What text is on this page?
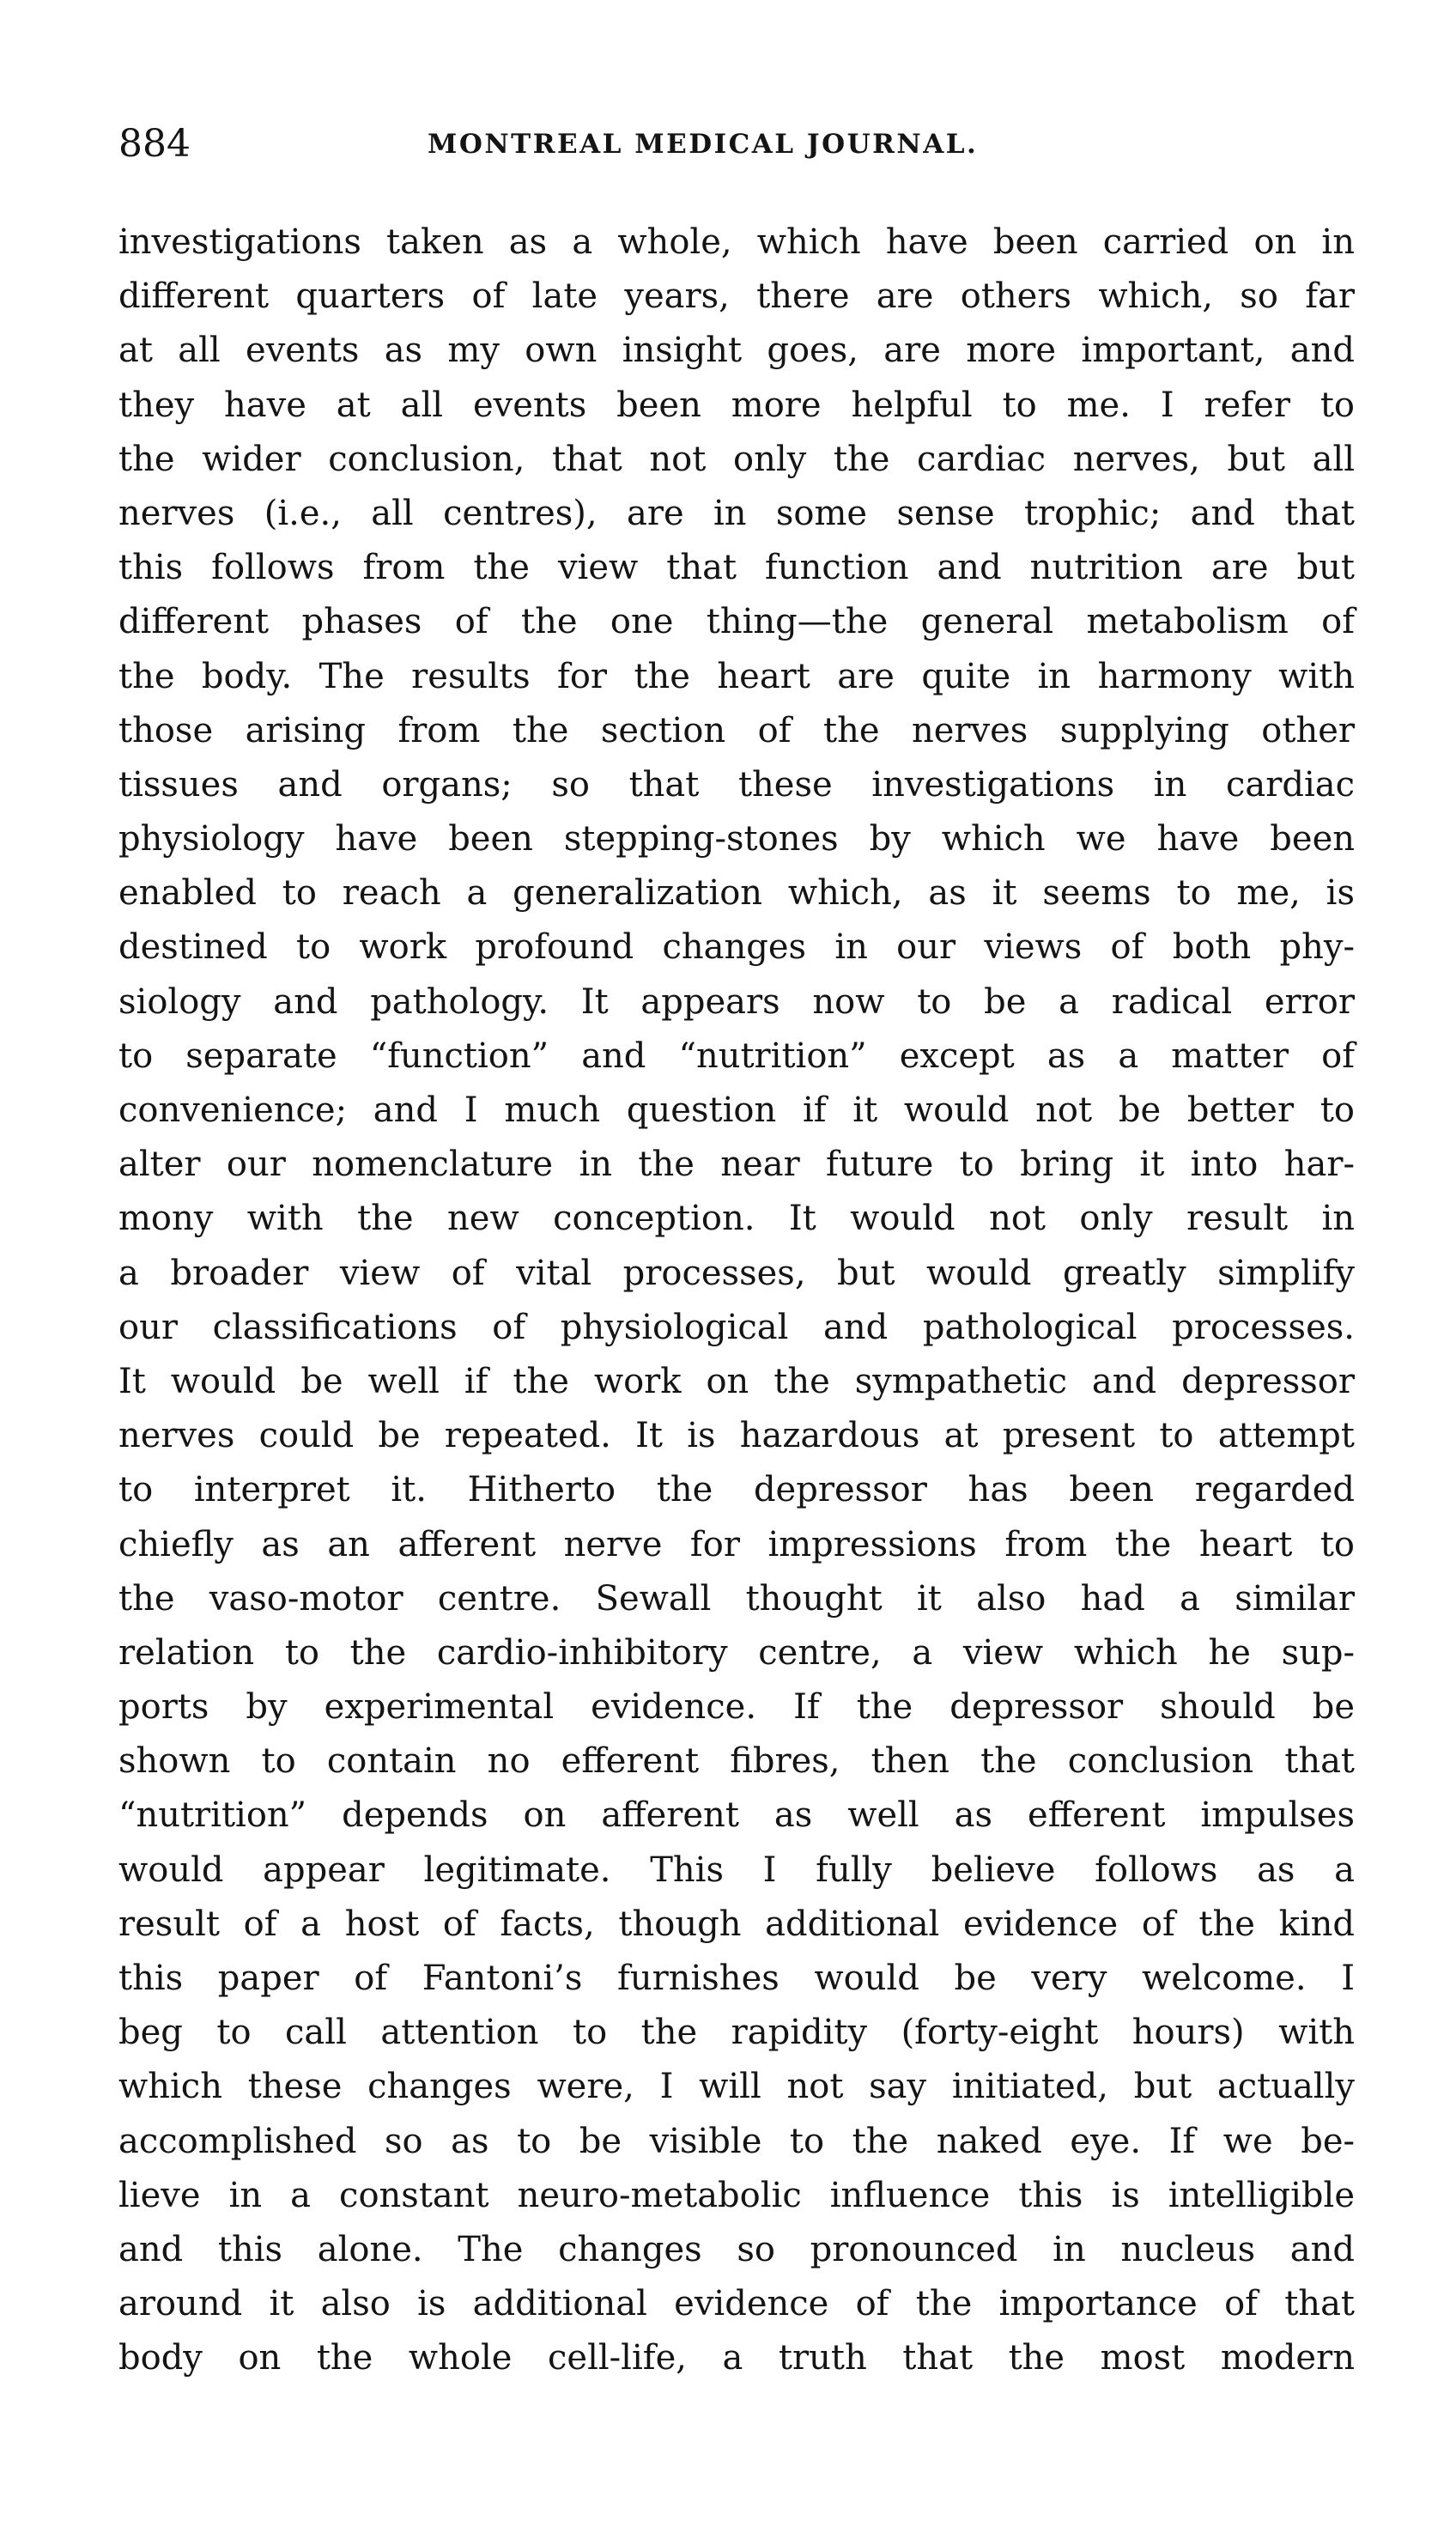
884	MONTREAL MEDICAL JOURNAL.
investigations taken as a whole, which have been carried on in
different quarters of late years, there are others which, so far
at all events as my own insight goes, are more important, and
they have at all events been more helpful to me. I refer to
the wider conclusion, that not only the cardiac nerves, but all
nerves (i.e., all centres), are in some sense trophic; and that
this follows from the view that function and nutrition are but
different phases of the one thing—the general metabolism of
the body. The results for the heart are quite in harmony with
those arising from the section of the nerves supplying other
tissues and organs; so that these investigations in cardiac
physiology have been stepping-stones by which we have been
enabled to reach a generalization which, as it seems to me, is
destined to work profound changes in our views of both phy-
siology and pathology. It appears now to be a radical error
to separate “function” and “nutrition” except as a matter of
convenience; and I much question if it would not be better to
alter our nomenclature in the near future to bring it into har-
mony with the new conception. It would not only result in
a broader view of vital processes, but would greatly simplify
our classifications of physiological and pathological processes.
It would be well if the work on the sympathetic and depressor
nerves could be repeated. It is hazardous at present to attempt
to interpret it. Hitherto the depressor has been regarded
chiefly as an afferent nerve for impressions from the heart to
the vaso-motor centre. Sewall thought it also had a similar
relation to the cardio-inhibitory centre, a view which he sup-
ports by experimental evidence. If the depressor should be
shown to contain no efferent fibres, then the conclusion that
“nutrition” depends on afferent as well as efferent impulses
would appear legitimate. This I fully believe follows as a
result of a host of facts, though additional evidence of the kind
this paper of Fantoni’s furnishes would be very welcome. I
beg to call attention to the rapidity (forty-eight hours) with
which these changes were, I will not say initiated, but actually
accomplished so as to be visible to the naked eye. If we be-
lieve in a constant neuro-metabolic influence this is intelligible
and this alone. The changes so pronounced in nucleus and
around it also is additional evidence of the importance of that
body on the whole cell-life, a truth that the most modern
